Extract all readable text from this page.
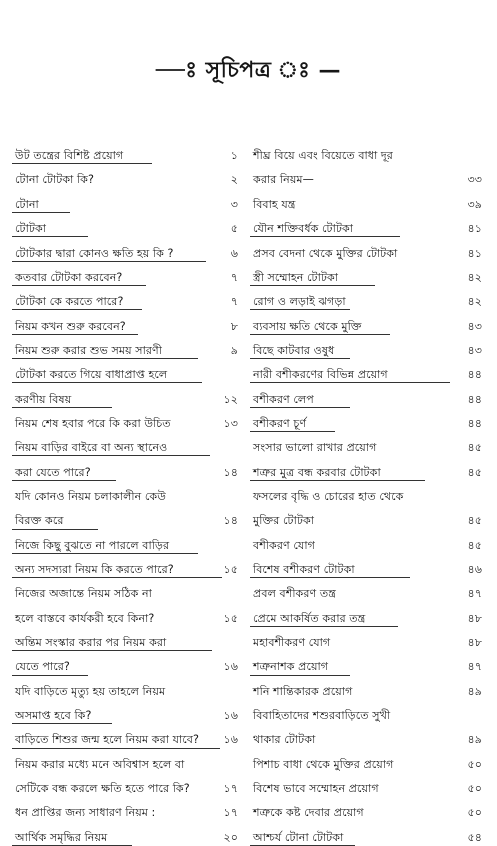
—ঃ সূচিপত্র ঃ —
উট তন্ত্রের বিশিষ্ট প্রয়োগ	১
টোনা টোটকা কি?	২
টোনা	৩
টোটকা	৫
টোটকার দ্বারা কোনও ক্ষতি হয় কি ?	৬
কতবার টোটকা করবেন?	৭
টোটকা কে করতে পারে?	৭
নিয়ম কখন শুরু করবেন?	৮
নিয়ম শুরু করার শুভ সময় সারণী	৯
টোটকা করতে গিয়ে বাধাপ্রাপ্ত হলে
করণীয় বিষয়	১২
নিয়ম শেষ হবার পরে কি করা উচিত	১৩
নিয়ম বাড়ির বাইরে বা অন্য স্থানেও
করা যেতে পারে?	১৪
যদি কোনও নিয়ম চলাকালীন কেউ
বিরক্ত করে	১৪
নিজে কিছু বুঝতে না পারলে বাড়ির
অন্য সদস্যরা নিয়ম কি করতে পারে?	১৫
নিজের অজান্তে নিয়ম সঠিক না
হলে বাস্তবে কার্যকরী হবে কিনা?	১৫
অন্তিম সংস্কার করার পর নিয়ম করা
যেতে পারে?	১৬
যদি বাড়িতে মৃত্যু হয় তাহলে নিয়ম
অসমাপ্ত হবে কি?	১৬
বাড়িতে শিশুর জন্ম হলে নিয়ম করা যাবে? ১৬
নিয়ম করার মধ্যে মনে অবিশ্বাস হলে বা
সেটিকে বন্ধ করলে ক্ষতি হতে পারে কি?	১৭
ধন প্রাপ্তির জন্য সাধারণ নিয়ম :	১৭
আর্থিক সমৃদ্ধির নিয়ম	২০
শীঘ্র বিয়ে এবং বিয়েতে বাধা দূর
করার নিয়ম—	৩৩
বিবাহ যন্ত্র	৩৯
যৌন শক্তিবর্ধক টোটকা	৪১
প্রসব বেদনা থেকে মুক্তির টোটকা	৪১
স্ত্রী সম্মোহন টোটকা	৪২
রোগ ও লড়াই ঝগড়া	৪২
ব্যবসায় ক্ষতি থেকে মুক্তি	৪৩
বিছে কাটবার ওষুধ	৪৩
নারী বশীকরণের বিভিন্ন প্রয়োগ	৪৪
বশীকরণ লেপ	৪৪
বশীকরণ চূর্ণ	৪৪
সংসার ভালো রাখার প্রয়োগ	৪৫
শত্রুর মুত্র বন্ধ করবার টোটকা	৪৫
ফসলের বৃদ্ধি ও চোরের হাত থেকে
মুক্তির টোটকা	৪৫
বশীকরণ যোগ	৪৫
বিশেষ বশীকরণ টোটকা	৪৬
প্রবল বশীকরণ তন্ত্র	৪৭
প্রেমে আকর্ষিত করার তন্ত্র	৪৮
মহাবশীকরণ যোগ	৪৮
শত্রুনাশক প্রয়োগ	৪৭
শনি শান্তিকারক প্রয়োগ	৪৯
বিবাহিতাদের শশুরবাড়িতে সুখী
থাকার টোটকা	৪৯
পিশাচ বাধা থেকে মুক্তির প্রয়োগ	৫০
বিশেষ ভাবে সম্মোহন প্রয়োগ	৫০
শত্রুকে কষ্ট দেবার প্রয়োগ	৫০
আশ্চর্য টোনা টোটকা	৫৪
